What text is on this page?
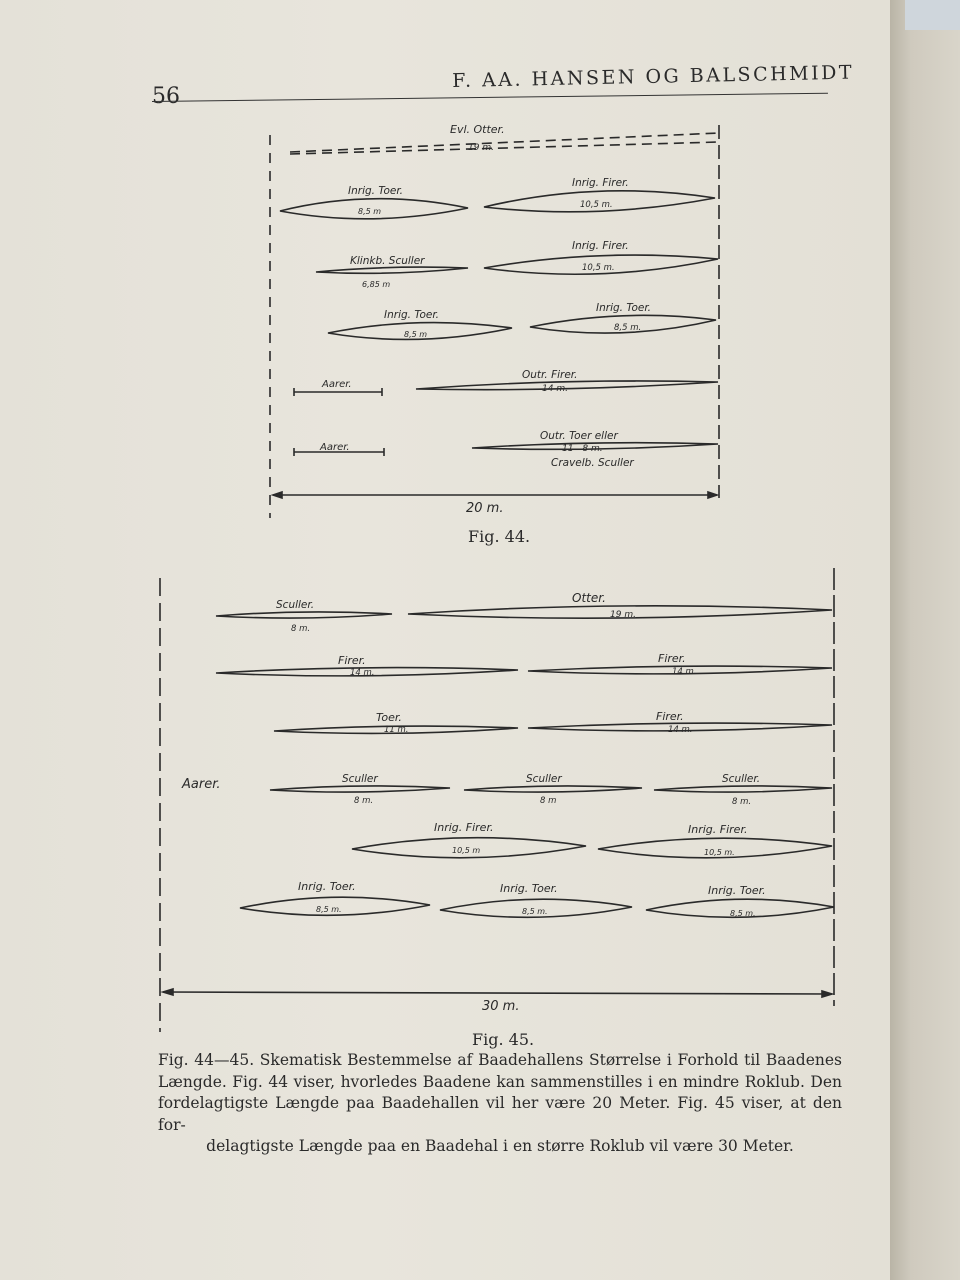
56
F. AA. HANSEN OG BALSCHMIDT
Evl. Otter.
19 m.
Inrig. Toer.
8,5 m
Inrig. Firer.
10,5 m.
Klinkb. Sculler
6,85 m
Inrig. Firer.
10,5 m.
Inrig. Toer.
8,5 m
Inrig. Toer.
8,5 m.
Aarer.
Outr. Firer.
14 m.
Aarer.
Outr. Toer eller
11 - 8 m.
Cravelb. Sculler
20 m.
Aarer.
Sculler.
8 m.
Otter.
19 m.
Firer.
14 m.
Firer.
14 m.
Toer.
11 m.
Firer.
14 m.
Sculler
8 m.
Sculler
8 m
Sculler.
8 m.
Inrig. Firer.
10,5 m
Inrig. Firer.
10,5 m.
Inrig. Toer.
8,5 m.
Inrig. Toer.
8,5 m.
Inrig. Toer.
8,5 m.
30 m.
Fig. 44.
Fig. 45.
Fig. 44—45. Skematisk Bestemmelse af Baadehallens Størrelse i Forhold til Baadenes Længde. Fig. 44 viser, hvorledes Baadene kan sammenstilles i en mindre Roklub. Den fordelagtigste Længde paa Baadehallen vil her være 20 Meter. Fig. 45 viser, at den for-
delagtigste Længde paa en Baadehal i en større Roklub vil være 30 Meter.
